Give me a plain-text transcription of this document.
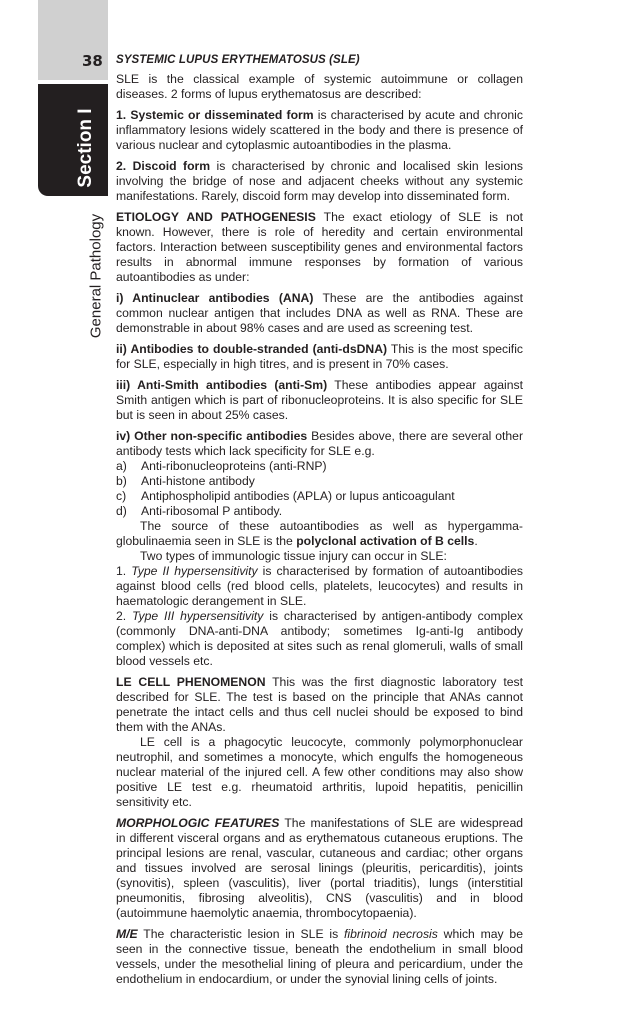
38 SYSTEMIC LUPUS ERYTHEMATOSUS (SLE)
Section I
General Pathology

SLE is the classical example of systemic autoimmune or collagen diseases. 2 forms of lupus erythematosus are described:

1. Systemic or disseminated form is characterised by acute and chronic inflammatory lesions widely scattered in the body and there is presence of various nuclear and cytoplasmic autoantibodies in the plasma.

2. Discoid form is characterised by chronic and localised skin lesions involving the bridge of nose and adjacent cheeks without any systemic manifestations. Rarely, discoid form may develop into disseminated form.

ETIOLOGY AND PATHOGENESIS The exact etiology of SLE is not known. However, there is role of heredity and certain environmental factors. Interaction between susceptibility genes and environmental factors results in abnormal immune responses by formation of various autoantibodies as under:

i) Antinuclear antibodies (ANA) These are the antibodies against common nuclear antigen that includes DNA as well as RNA. These are demonstrable in about 98% cases and are used as screening test.

ii) Antibodies to double-stranded (anti-dsDNA) This is the most specific for SLE, especially in high titres, and is present in 70% cases.

iii) Anti-Smith antibodies (anti-Sm) These antibodies appear against Smith antigen which is part of ribonucleoproteins. It is also specific for SLE but is seen in about 25% cases.

iv) Other non-specific antibodies Besides above, there are several other antibody tests which lack specificity for SLE e.g.

a)	Anti-ribonucleoproteins (anti-RNP)
b)	Anti-histone antibody
c)	Antiphospholipid antibodies (APLA) or lupus anticoagulant
d)	Anti-ribosomal P antibody.

The source of these autoantibodies as well as hypergamma-globulinaemia seen in SLE is the polyclonal activation of B cells.

Two types of immunologic tissue injury can occur in SLE:

1. Type II hypersensitivity is characterised by formation of autoantibodies against blood cells (red blood cells, platelets, leucocytes) and results in haematologic derangement in SLE.

2. Type III hypersensitivity is characterised by antigen-antibody complex (commonly DNA-anti-DNA antibody; sometimes Ig-anti-Ig antibody complex) which is deposited at sites such as renal glomeruli, walls of small blood vessels etc.

LE CELL PHENOMENON This was the first diagnostic laboratory test described for SLE. The test is based on the principle that ANAs cannot penetrate the intact cells and thus cell nuclei should be exposed to bind them with the ANAs.

LE cell is a phagocytic leucocyte, commonly polymorphonuclear neutrophil, and sometimes a monocyte, which engulfs the homogeneous nuclear material of the injured cell. A few other conditions may also show positive LE test e.g. rheumatoid arthritis, lupoid hepatitis, penicillin sensitivity etc.

MORPHOLOGIC FEATURES The manifestations of SLE are widespread in different visceral organs and as erythematous cutaneous eruptions. The principal lesions are renal, vascular, cutaneous and cardiac; other organs and tissues involved are serosal linings (pleuritis, pericarditis), joints (synovitis), spleen (vasculitis), liver (portal triaditis), lungs (interstitial pneumonitis, fibrosing alveolitis), CNS (vasculitis) and in blood (autoimmune haemolytic anaemia, thrombocytopaenia).

M/E The characteristic lesion in SLE is fibrinoid necrosis which may be seen in the connective tissue, beneath the endothelium in small blood vessels, under the mesothelial lining of pleura and pericardium, under the endothelium in endocardium, or under the synovial lining cells of joints.
